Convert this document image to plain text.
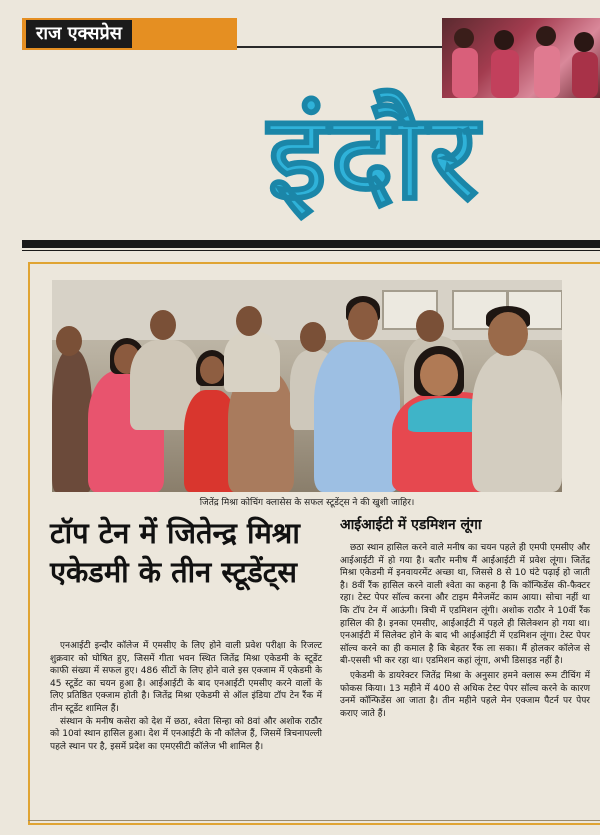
राज एक्सप्रेस
इंदौर
जितेंद्र मिश्रा कोचिंग क्लासेस के सफल स्टूडेंट्स ने की खुशी जाहिर।
टॉप टेन में जितेन्द्र मिश्रा एकेडमी के तीन स्टूडेंट्स

एनआईटी इन्दौर कॉलेज में एमसीए के लिए होने वाली प्रवेश परीक्षा के रिजल्ट शुक्रवार को घोषित हुए, जिसमें गीता भवन स्थित जितेंद्र मिश्रा एकेडमी के स्टूडेंट काफी संख्या में सफल हुए। 486 सीटों के लिए होने वाले इस एक्जाम में एकेडमी के 45 स्टूडेंट का चयन हुआ है। आईआईटी के बाद एनआईटी एमसीए करने वालों के लिए प्रतिष्ठित एक्जाम होती है। जितेंद्र मिश्रा एकेडमी से ऑल इंडिया टॉप टेन रैंक में तीन स्टूडेंट शामिल हैं।

संस्थान के मनीष कसेरा को देश में छठा, श्वेता सिन्हा को 8वां और अशोक राठौर को 10वां स्थान हासिल हुआ। देश में एनआईटी के नौ कॉलेज हैं, जिसमें त्रिचनापल्ली पहले स्थान पर है, इसमें प्रदेश का एमएसीटी कॉलेज भी शामिल है।

आईआईटी में एडमिशन लूंगा

छठा स्थान हासिल करने वाले मनीष का चयन पहले ही एमपी एमसीए और आईआईटी में हो गया है। बतौर मनीष मैं आईआईटी में प्रवेश लूंगा। जितेंद्र मिश्रा एकेडमी में इनवायरमेंट अच्छा था, जिससे 8 से 10 घंटे पढ़ाई हो जाती है। 8वीं रैंक हासिल करने वाली श्वेता का कहना है कि कॉन्फिडेंस की-फैक्टर रहा। टेस्ट पेपर सॉल्व करना और टाइम मैनेजमेंट काम आया। सोचा नहीं था कि टॉप टेन में आऊंगी। त्रिची में एडमिशन लूंगी। अशोक राठौर ने 10वीं रैंक हासिल की है। इनका एमसीए, आईआईटी में पहले ही सिलेक्शन हो गया था। एनआईटी में सिलेक्ट होने के बाद भी आईआईटी में एडमिशन लूंगा। टेस्ट पेपर सॉल्व करने का ही कमाल है कि बेहतर रैंक ला सका। मैं होलकर कॉलेज से बी-एससी भी कर रहा था। एडमिशन कहां लूंगा, अभी डिसाइड नहीं है।

एकेडमी के डायरेक्टर जितेंद्र मिश्रा के अनुसार हमने क्लास रूम टीचिंग में फोकस किया। 13 महीने में 400 से अधिक टेस्ट पेपर सॉल्व करने के कारण उनमें कॉन्फिडेंस आ जाता है। तीन महीने पहले मेन एक्जाम पैटर्न पर पेपर कराए जाते हैं।
